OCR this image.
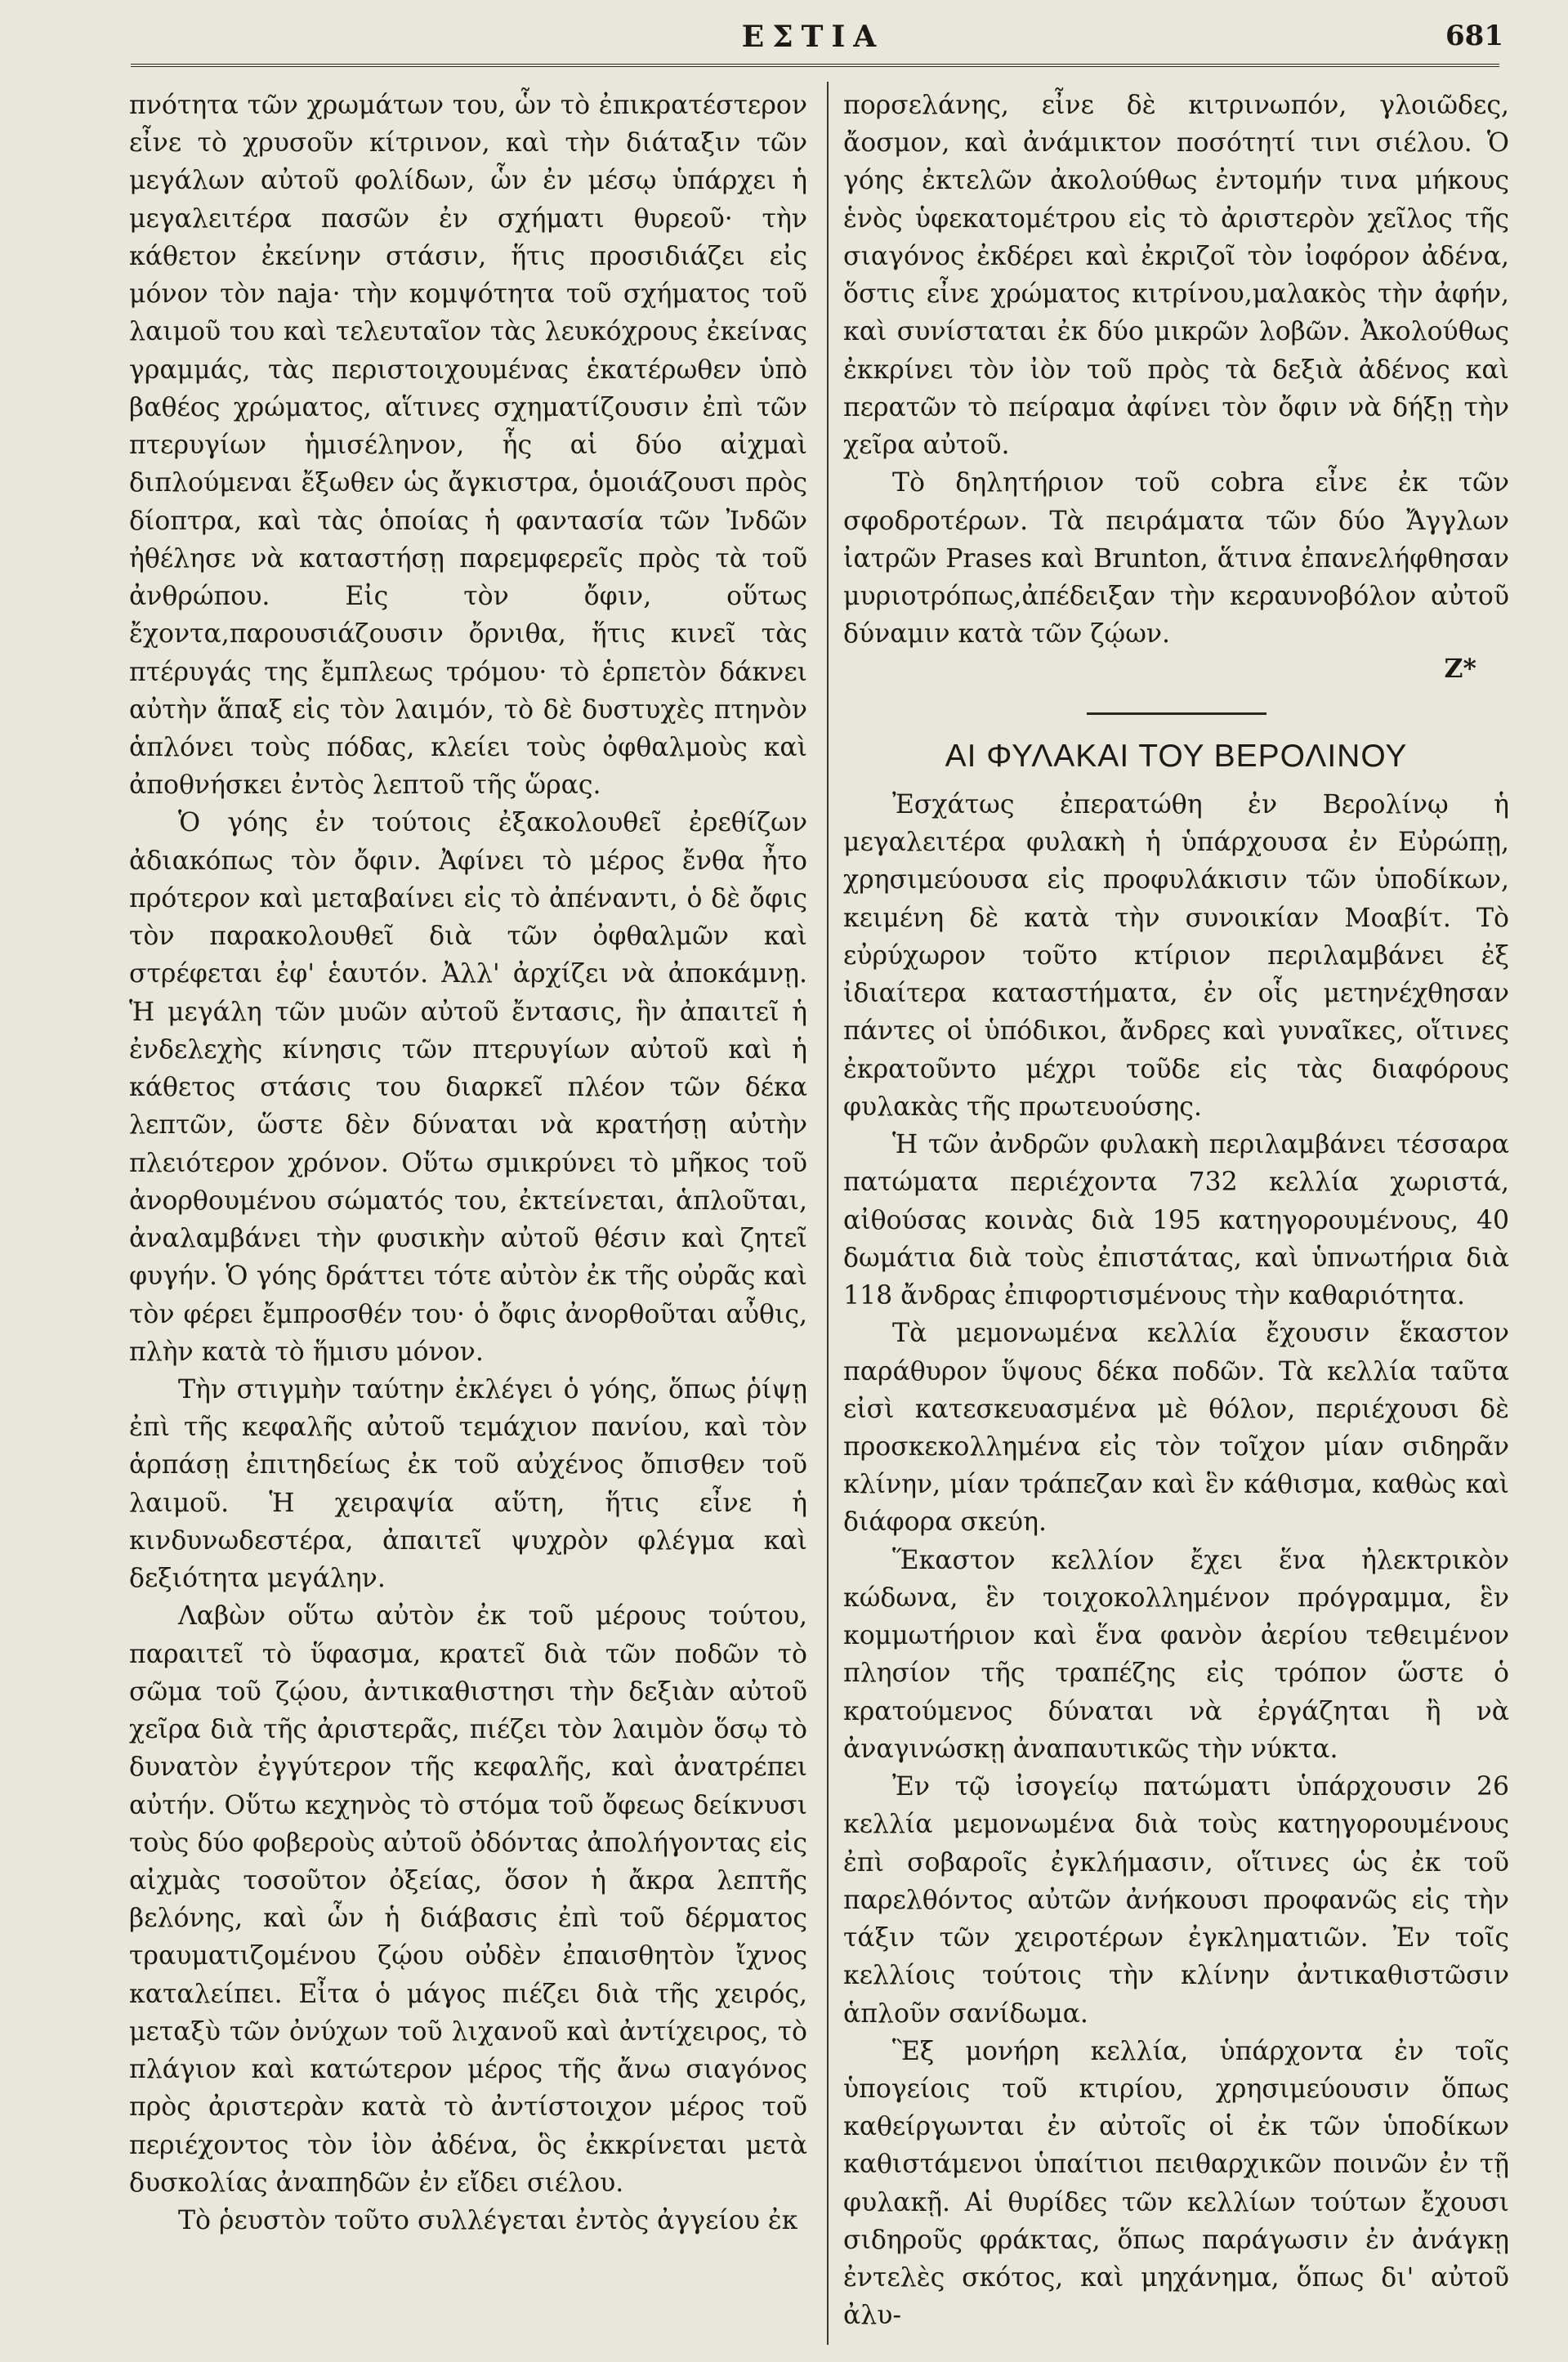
ΕΣΤΙΑ	681

πνότητα τῶν χρωμάτων του, ὧν τὸ ἐπικρατέστερον εἶνε τὸ χρυσοῦν κίτρινον, καὶ τὴν διάταξιν τῶν μεγάλων αὐτοῦ φολίδων, ὧν ἐν μέσῳ ὑπάρχει ἡ μεγαλειτέρα πασῶν ἐν σχήματι θυρεοῦ· τὴν κάθετον ἐκείνην στάσιν, ἥτις προσιδιάζει εἰς μόνον τὸν naja· τὴν κομψότητα τοῦ σχήματος τοῦ λαιμοῦ του καὶ τελευταῖον τὰς λευκόχρους ἐκείνας γραμμάς, τὰς περιστοιχουμένας ἑκατέρωθεν ὑπὸ βαθέος χρώματος, αἵτινες σχηματίζουσιν ἐπὶ τῶν πτερυγίων ἡμισέληνον, ἧς αἱ δύο αἰχμαὶ διπλούμεναι ἔξωθεν ὡς ἄγκιστρα, ὁμοιάζουσι πρὸς δίοπτρα, καὶ τὰς ὁποίας ἡ φαντασία τῶν Ἰνδῶν ἠθέλησε νὰ καταστήσῃ παρεμφερεῖς πρὸς τὰ τοῦ ἀνθρώπου. Εἰς τὸν ὄφιν, οὕτως ἔχοντα,παρουσιάζουσιν ὄρνιθα, ἥτις κινεῖ τὰς πτέρυγάς της ἔμπλεως τρόμου· τὸ ἑρπετὸν δάκνει αὐτὴν ἅπαξ εἰς τὸν λαιμόν, τὸ δὲ δυστυχὲς πτηνὸν ἁπλόνει τοὺς πόδας, κλείει τοὺς ὀφθαλμοὺς καὶ ἀποθνήσκει ἐντὸς λεπτοῦ τῆς ὥρας.

Ὁ γόης ἐν τούτοις ἐξακολουθεῖ ἐρεθίζων ἀδιακόπως τὸν ὄφιν. Ἀφίνει τὸ μέρος ἔνθα ἦτο πρότερον καὶ μεταβαίνει εἰς τὸ ἀπέναντι, ὁ δὲ ὄφις τὸν παρακολουθεῖ διὰ τῶν ὀφθαλμῶν καὶ στρέφεται ἐφ' ἑαυτόν. Ἀλλ' ἀρχίζει νὰ ἀποκάμνῃ. Ἡ μεγάλη τῶν μυῶν αὐτοῦ ἔντασις, ἣν ἀπαιτεῖ ἡ ἐνδελεχὴς κίνησις τῶν πτερυγίων αὐτοῦ καὶ ἡ κάθετος στάσις του διαρκεῖ πλέον τῶν δέκα λεπτῶν, ὥστε δὲν δύναται νὰ κρατήσῃ αὐτὴν πλειότερον χρόνον. Οὕτω σμικρύνει τὸ μῆκος τοῦ ἀνορθουμένου σώματός του, ἐκτείνεται, ἁπλοῦται, ἀναλαμβάνει τὴν φυσικὴν αὐτοῦ θέσιν καὶ ζητεῖ φυγήν. Ὁ γόης δράττει τότε αὐτὸν ἐκ τῆς οὐρᾶς καὶ τὸν φέρει ἔμπροσθέν του· ὁ ὄφις ἀνορθοῦται αὖθις, πλὴν κατὰ τὸ ἥμισυ μόνον.

Τὴν στιγμὴν ταύτην ἐκλέγει ὁ γόης, ὅπως ῥίψῃ ἐπὶ τῆς κεφαλῆς αὐτοῦ τεμάχιον πανίου, καὶ τὸν ἁρπάσῃ ἐπιτηδείως ἐκ τοῦ αὐχένος ὄπισθεν τοῦ λαιμοῦ. Ἡ χειραψία αὕτη, ἥτις εἶνε ἡ κινδυνωδεστέρα, ἀπαιτεῖ ψυχρὸν φλέγμα καὶ δεξιότητα μεγάλην.

Λαβὼν οὕτω αὐτὸν ἐκ τοῦ μέρους τούτου, παραιτεῖ τὸ ὕφασμα, κρατεῖ διὰ τῶν ποδῶν τὸ σῶμα τοῦ ζῴου, ἀντικαθιστησι τὴν δεξιὰν αὐτοῦ χεῖρα διὰ τῆς ἀριστερᾶς, πιέζει τὸν λαιμὸν ὅσῳ τὸ δυνατὸν ἐγγύτερον τῆς κεφαλῆς, καὶ ἀνατρέπει αὐτήν. Οὕτω κεχηνὸς τὸ στόμα τοῦ ὄφεως δείκνυσι τοὺς δύο φοβεροὺς αὐτοῦ ὀδόντας ἀπολήγοντας εἰς αἰχμὰς τοσοῦτον ὀξείας, ὅσον ἡ ἄκρα λεπτῆς βελόνης, καὶ ὧν ἡ διάβασις ἐπὶ τοῦ δέρματος τραυματιζομένου ζῴου οὐδὲν ἐπαισθητὸν ἴχνος καταλείπει. Εἶτα ὁ μάγος πιέζει διὰ τῆς χειρός, μεταξὺ τῶν ὀνύχων τοῦ λιχανοῦ καὶ ἀντίχειρος, τὸ πλάγιον καὶ κατώτερον μέρος τῆς ἄνω σιαγόνος πρὸς ἀριστερὰν κατὰ τὸ ἀντίστοιχον μέρος τοῦ περιέχοντος τὸν ἰὸν ἀδένα, ὃς ἐκκρίνεται μετὰ δυσκολίας ἀναπηδῶν ἐν εἴδει σιέλου.

Τὸ ῥευστὸν τοῦτο συλλέγεται ἐντὸς ἀγγείου ἐκ

πορσελάνης, εἶνε δὲ κιτρινωπόν, γλοιῶδες, ἄοσμον, καὶ ἀνάμικτον ποσότητί τινι σιέλου. Ὁ γόης ἐκτελῶν ἀκολούθως ἐντομήν τινα μήκους ἑνὸς ὑφεκατομέτρου εἰς τὸ ἀριστερὸν χεῖλος τῆς σιαγόνος ἐκδέρει καὶ ἐκριζοῖ τὸν ἰοφόρον ἀδένα, ὅστις εἶνε χρώματος κιτρίνου,μαλακὸς τὴν ἀφήν, καὶ συνίσταται ἐκ δύο μικρῶν λοβῶν. Ἀκολούθως ἐκκρίνει τὸν ἰὸν τοῦ πρὸς τὰ δεξιὰ ἀδένος καὶ περατῶν τὸ πείραμα ἀφίνει τὸν ὄφιν νὰ δήξῃ τὴν χεῖρα αὐτοῦ.

Τὸ δηλητήριον τοῦ cobra εἶνε ἐκ τῶν σφοδροτέρων. Τὰ πειράματα τῶν δύο Ἄγγλων ἰατρῶν Prases καὶ Brunton, ἅτινα ἐπανελήφθησαν μυριοτρόπως,ἀπέδειξαν τὴν κεραυνοβόλον αὐτοῦ δύναμιν κατὰ τῶν ζῴων.

Ζ*
ΑΙ ΦΥΛΑΚΑΙ ΤΟΥ ΒΕΡΟΛΙΝΟΥ

Ἐσχάτως ἐπερατώθη ἐν Βερολίνῳ ἡ μεγαλειτέρα φυλακὴ ἡ ὑπάρχουσα ἐν Εὐρώπῃ, χρησιμεύουσα εἰς προφυλάκισιν τῶν ὑποδίκων, κειμένη δὲ κατὰ τὴν συνοικίαν Μοαβίτ. Τὸ εὐρύχωρον τοῦτο κτίριον περιλαμβάνει ἐξ ἰδιαίτερα καταστήματα, ἐν οἷς μετηνέχθησαν πάντες οἱ ὑπόδικοι, ἄνδρες καὶ γυναῖκες, οἵτινες ἐκρατοῦντο μέχρι τοῦδε εἰς τὰς διαφόρους φυλακὰς τῆς πρωτευούσης.

Ἡ τῶν ἀνδρῶν φυλακὴ περιλαμβάνει τέσσαρα πατώματα περιέχοντα 732 κελλία χωριστά, αἰθούσας κοινὰς διὰ 195 κατηγορουμένους, 40 δωμάτια διὰ τοὺς ἐπιστάτας, καὶ ὑπνωτήρια διὰ 118 ἄνδρας ἐπιφορτισμένους τὴν καθαριότητα.

Τὰ μεμονωμένα κελλία ἔχουσιν ἕκαστον παράθυρον ὕψους δέκα ποδῶν. Τὰ κελλία ταῦτα εἰσὶ κατεσκευασμένα μὲ θόλον, περιέχουσι δὲ προσκεκολλημένα εἰς τὸν τοῖχον μίαν σιδηρᾶν κλίνην, μίαν τράπεζαν καὶ ἓν κάθισμα, καθὼς καὶ διάφορα σκεύη.

Ἕκαστον κελλίον ἔχει ἕνα ἠλεκτρικὸν κώδωνα, ἓν τοιχοκολλημένον πρόγραμμα, ἓν κομμωτήριον καὶ ἕνα φανὸν ἀερίου τεθειμένον πλησίον τῆς τραπέζης εἰς τρόπον ὥστε ὁ κρατούμενος δύναται νὰ ἐργάζηται ἢ νὰ ἀναγινώσκῃ ἀναπαυτικῶς τὴν νύκτα.

Ἐν τῷ ἰσογείῳ πατώματι ὑπάρχουσιν 26 κελλία μεμονωμένα διὰ τοὺς κατηγορουμένους ἐπὶ σοβαροῖς ἐγκλήμασιν, οἵτινες ὡς ἐκ τοῦ παρελθόντος αὐτῶν ἀνήκουσι προφανῶς εἰς τὴν τάξιν τῶν χειροτέρων ἐγκληματιῶν. Ἐν τοῖς κελλίοις τούτοις τὴν κλίνην ἀντικαθιστῶσιν ἁπλοῦν σανίδωμα.

Ἓξ μονήρη κελλία, ὑπάρχοντα ἐν τοῖς ὑπογείοις τοῦ κτιρίου, χρησιμεύουσιν ὅπως καθείργωνται ἐν αὐτοῖς οἱ ἐκ τῶν ὑποδίκων καθιστάμενοι ὑπαίτιοι πειθαρχικῶν ποινῶν ἐν τῇ φυλακῇ. Αἱ θυρίδες τῶν κελλίων τούτων ἔχουσι σιδηροῦς φράκτας, ὅπως παράγωσιν ἐν ἀνάγκῃ ἐντελὲς σκότος, καὶ μηχάνημα, ὅπως δι' αὐτοῦ ἀλυ-
